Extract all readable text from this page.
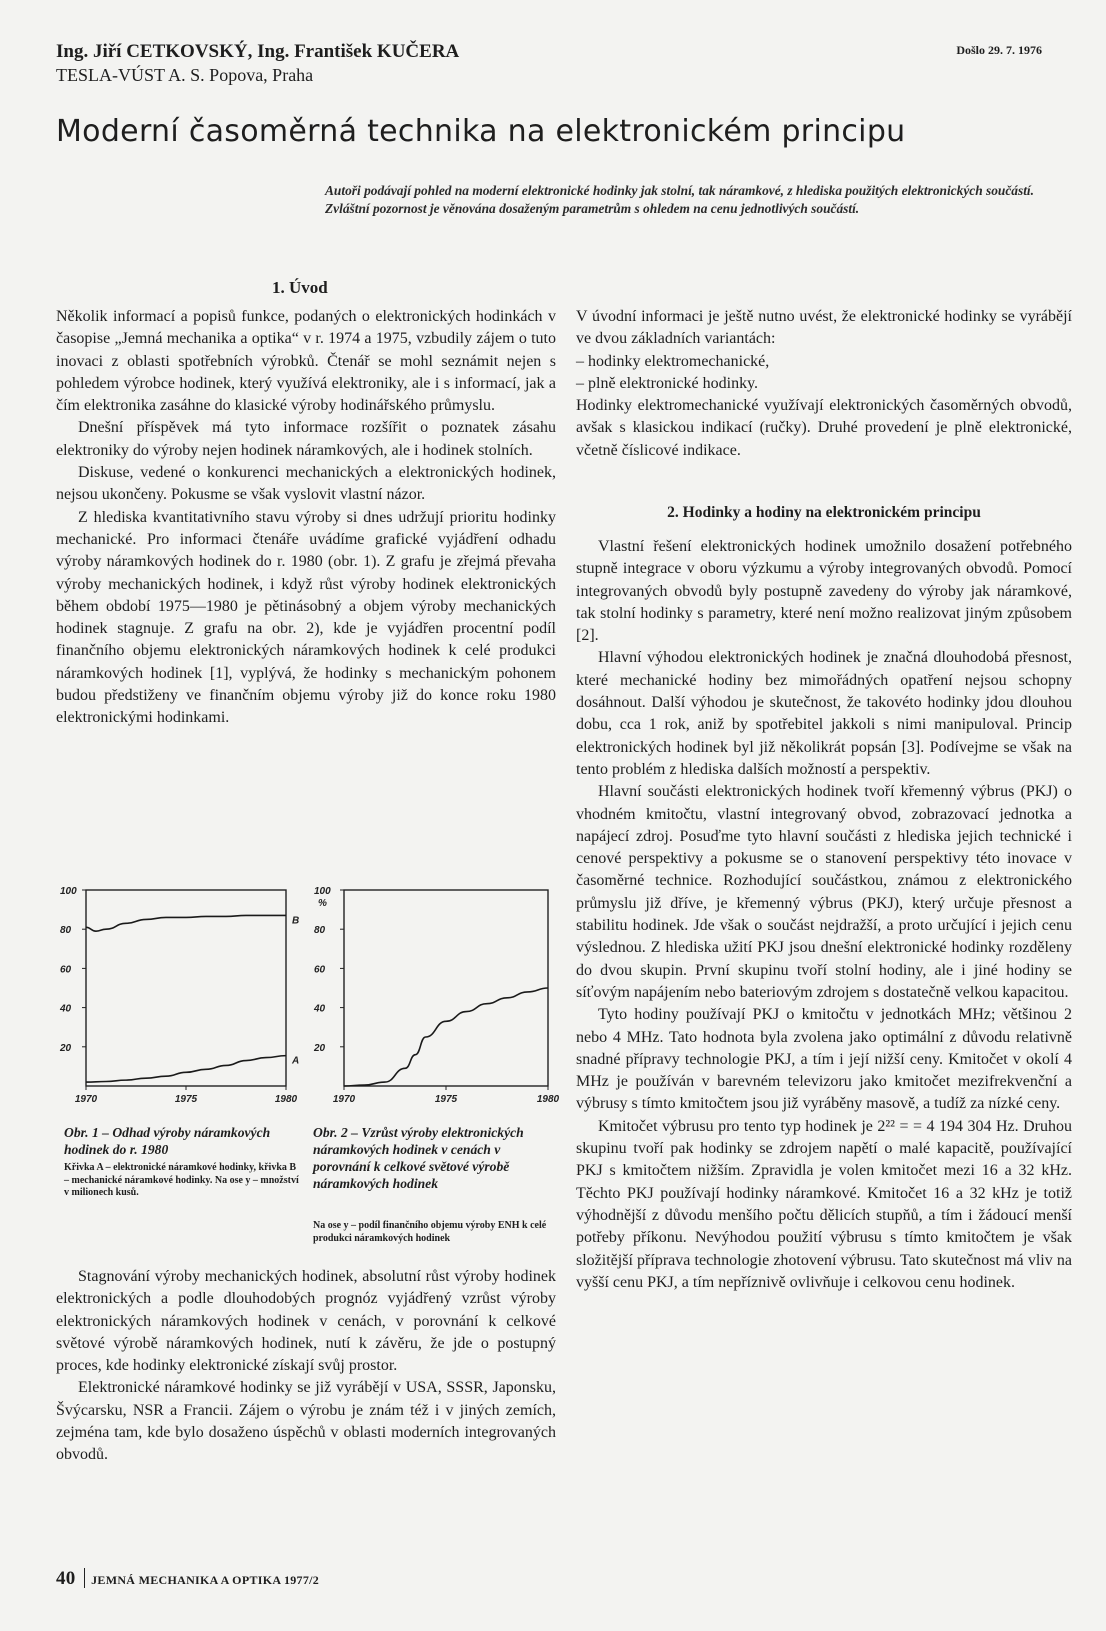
Ing. Jiří CETKOVSKÝ, Ing. František KUČERA
TESLA-VÚST A. S. Popova, Praha
Došlo 29. 7. 1976
Moderní časoměrná technika na elektronickém principu
Autoři podávají pohled na moderní elektronické hodinky jak stolní, tak náramkové, z hlediska použitých elektronických součástí. Zvláštní pozornost je věnována dosaženým parametrům s ohledem na cenu jednotlivých součástí.
1. Úvod

Několik informací a popisů funkce, podaných o elektronických hodinkách v časopise „Jemná mechanika a optika“ v r. 1974 a 1975, vzbudily zájem o tuto inovaci z oblasti spotřebních výrobků. Čtenář se mohl seznámit nejen s pohledem výrobce hodinek, který využívá elektroniky, ale i s informací, jak a čím elektronika zasáhne do klasické výroby hodinářského průmyslu.

Dnešní příspěvek má tyto informace rozšířit o poznatek zásahu elektroniky do výroby nejen hodinek náramkových, ale i hodinek stolních.

Diskuse, vedené o konkurenci mechanických a elektronických hodinek, nejsou ukončeny. Pokusme se však vyslovit vlastní názor.

Z hlediska kvantitativního stavu výroby si dnes udržují prioritu hodinky mechanické. Pro informaci čtenáře uvádíme grafické vyjádření odhadu výroby náramkových hodinek do r. 1980 (obr. 1). Z grafu je zřejmá převaha výroby mechanických hodinek, i když růst výroby hodinek elektronických během období 1975—1980 je pětinásobný a objem výroby mechanických hodinek stagnuje. Z grafu na obr. 2), kde je vyjádřen procentní podíl finančního objemu elektronických náramkových hodinek k celé produkci náramkových hodinek [1], vyplývá, že hodinky s mechanickým pohonem budou předstiženy ve finančním objemu výroby již do konce roku 1980 elektronickými hodinkami.

100
80
60
40
20
1970	1975	1980
B
A
100
80
60
40
20
1970	1975	1980
%
Obr. 1 – Odhad výroby náramkových hodinek do r. 1980
Křivka A – elektronické náramkové hodinky, křivka B – mechanické náramkové hodinky. Na ose y – množství v milionech kusů.
Obr. 2 – Vzrůst výroby elektronických náramkových hodinek v cenách v porovnání k celkové světové výrobě náramkových hodinek
Na ose y – podíl finančního objemu výroby ENH k celé produkci náramkových hodinek

Stagnování výroby mechanických hodinek, absolutní růst výroby hodinek elektronických a podle dlouhodobých prognóz vyjádřený vzrůst výroby elektronických náramkových hodinek v cenách, v porovnání k celkové světové výrobě náramkových hodinek, nutí k závěru, že jde o postupný proces, kde hodinky elektronické získají svůj prostor.

Elektronické náramkové hodinky se již vyrábějí v USA, SSSR, Japonsku, Švýcarsku, NSR a Francii. Zájem o výrobu je znám též i v jiných zemích, zejména tam, kde bylo dosaženo úspěchů v oblasti moderních integrovaných obvodů.

V úvodní informaci je ještě nutno uvést, že elektronické hodinky se vyrábějí ve dvou základních variantách:

– hodinky elektromechanické,

– plně elektronické hodinky.

Hodinky elektromechanické využívají elektronických časoměrných obvodů, avšak s klasickou indikací (ručky). Druhé provedení je plně elektronické, včetně číslicové indikace.

2. Hodinky a hodiny na elektronickém principu

Vlastní řešení elektronických hodinek umožnilo dosažení potřebného stupně integrace v oboru výzkumu a výroby integrovaných obvodů. Pomocí integrovaných obvodů byly postupně zavedeny do výroby jak náramkové, tak stolní hodinky s parametry, které není možno realizovat jiným způsobem [2].

Hlavní výhodou elektronických hodinek je značná dlouhodobá přesnost, které mechanické hodiny bez mimořádných opatření nejsou schopny dosáhnout. Další výhodou je skutečnost, že takovéto hodinky jdou dlouhou dobu, cca 1 rok, aniž by spotřebitel jakkoli s nimi manipuloval. Princip elektronických hodinek byl již několikrát popsán [3]. Podívejme se však na tento problém z hlediska dalších možností a perspektiv.

Hlavní součásti elektronických hodinek tvoří křemenný výbrus (PKJ) o vhodném kmitočtu, vlastní integrovaný obvod, zobrazovací jednotka a napájecí zdroj. Posuďme tyto hlavní součásti z hlediska jejich technické i cenové perspektivy a pokusme se o stanovení perspektivy této inovace v časoměrné technice. Rozhodující součástkou, známou z elektronického průmyslu již dříve, je křemenný výbrus (PKJ), který určuje přesnost a stabilitu hodinek. Jde však o součást nejdražší, a proto určující i jejich cenu výslednou. Z hlediska užití PKJ jsou dnešní elektronické hodinky rozděleny do dvou skupin. První skupinu tvoří stolní hodiny, ale i jiné hodiny se síťovým napájením nebo bateriovým zdrojem s dostatečně velkou kapacitou.

Tyto hodiny používají PKJ o kmitočtu v jednotkách MHz; většinou 2 nebo 4 MHz. Tato hodnota byla zvolena jako optimální z důvodu relativně snadné přípravy technologie PKJ, a tím i její nižší ceny. Kmitočet v okolí 4 MHz je používán v barevném televizoru jako kmitočet mezifrekvenční a výbrusy s tímto kmitočtem jsou již vyráběny masově, a tudíž za nízké ceny.

Kmitočet výbrusu pro tento typ hodinek je 2²² = = 4 194 304 Hz. Druhou skupinu tvoří pak hodinky se zdrojem napětí o malé kapacitě, používající PKJ s kmitočtem nižším. Zpravidla je volen kmitočet mezi 16 a 32 kHz. Těchto PKJ používají hodinky náramkové. Kmitočet 16 a 32 kHz je totiž výhodnější z důvodu menšího počtu dělicích stupňů, a tím i žádoucí menší potřeby příkonu. Nevýhodou použití výbrusu s tímto kmitočtem je však složitější příprava technologie zhotovení výbrusu. Tato skutečnost má vliv na vyšší cenu PKJ, a tím nepříznivě ovlivňuje i celkovou cenu hodinek.

40 JEMNÁ MECHANIKA A OPTIKA 1977/2
